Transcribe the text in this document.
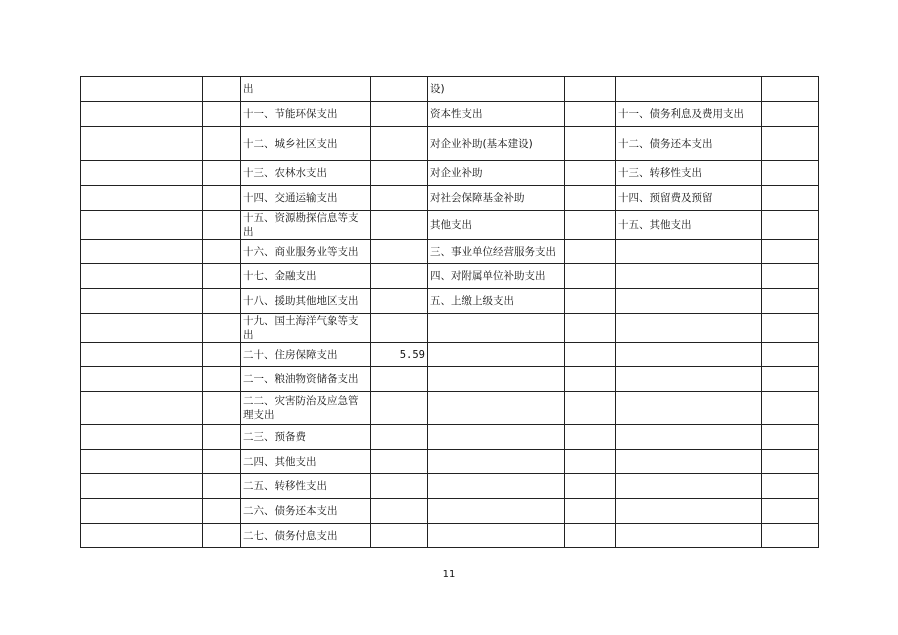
		出		设)			
		十一、节能环保支出		资本性支出		十一、债务利息及费用支出	
		十二、城乡社区支出		对企业补助(基本建设)		十二、债务还本支出	
		十三、农林水支出		对企业补助		十三、转移性支出	
		十四、交通运输支出		对社会保障基金补助		十四、预留费及预留	
		十五、资源勘探信息等支出		其他支出		十五、其他支出	
		十六、商业服务业等支出		三、事业单位经营服务支出			
		十七、金融支出		四、对附属单位补助支出			
		十八、援助其他地区支出		五、上缴上级支出			
		十九、国土海洋气象等支出					
		二十、住房保障支出	5.59				
		二一、粮油物资储备支出					
		二二、灾害防治及应急管理支出					
		二三、预备费					
		二四、其他支出					
		二五、转移性支出					
		二六、债务还本支出					
		二七、债务付息支出					
11
